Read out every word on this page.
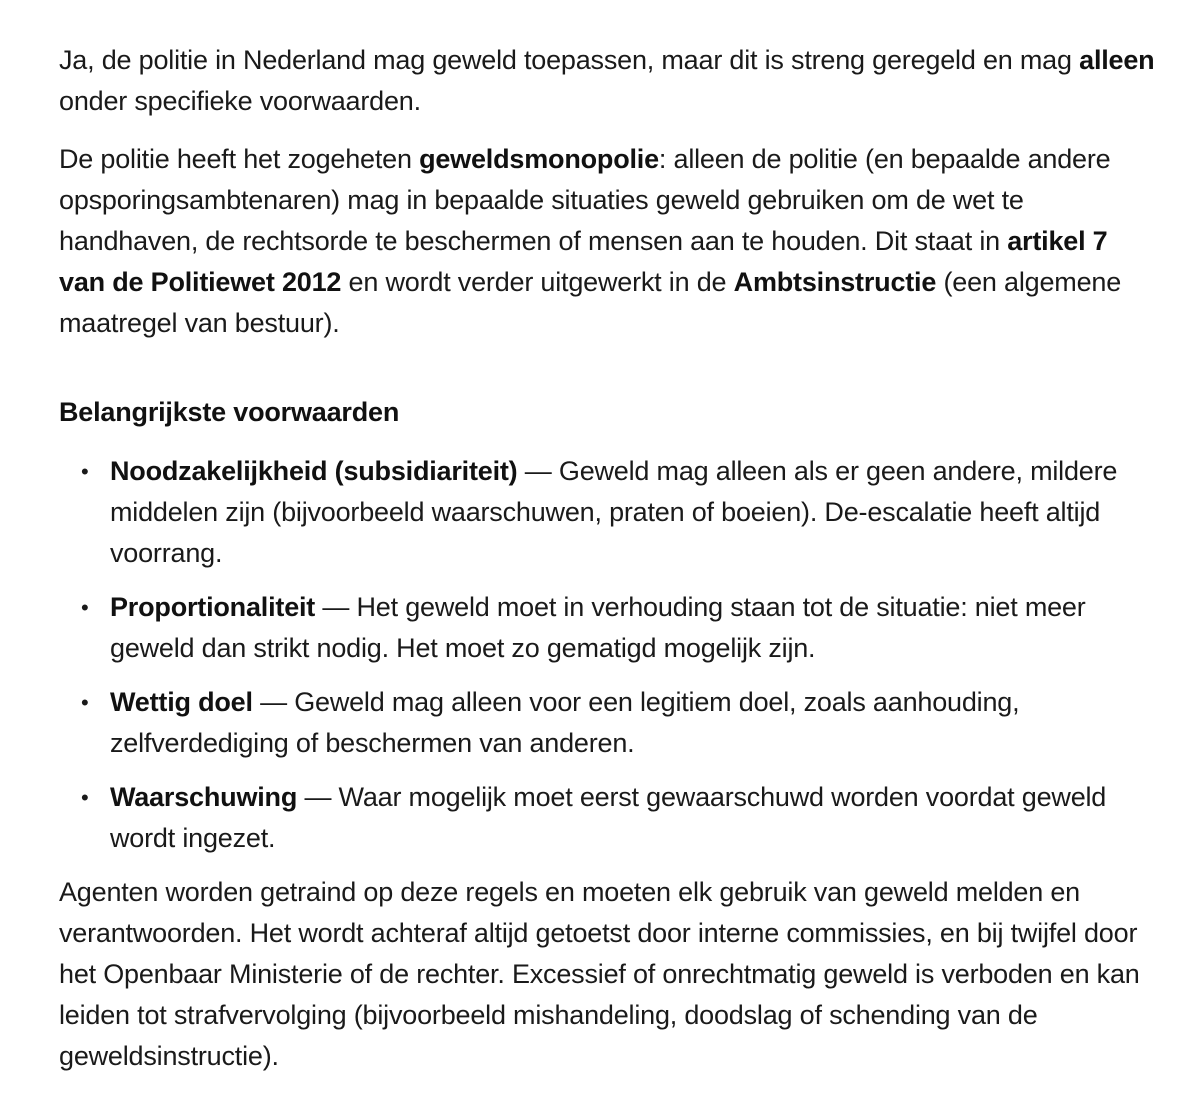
Ja, de politie in Nederland mag geweld toepassen, maar dit is streng geregeld en mag alleen onder specifieke voorwaarden.

De politie heeft het zogeheten geweldsmonopolie: alleen de politie (en bepaalde andere opsporingsambtenaren) mag in bepaalde situaties geweld gebruiken om de wet te handhaven, de rechtsorde te beschermen of mensen aan te houden. Dit staat in artikel 7 van de Politiewet 2012 en wordt verder uitgewerkt in de Ambtsinstructie (een algemene maatregel van bestuur).

Belangrijkste voorwaarden
• Noodzakelijkheid (subsidiariteit) — Geweld mag alleen als er geen andere, mildere middelen zijn (bijvoorbeeld waarschuwen, praten of boeien). De-escalatie heeft altijd voorrang.
• Proportionaliteit — Het geweld moet in verhouding staan tot de situatie: niet meer geweld dan strikt nodig. Het moet zo gematigd mogelijk zijn.
• Wettig doel — Geweld mag alleen voor een legitiem doel, zoals aanhouding, zelfverdediging of beschermen van anderen.
• Waarschuwing — Waar mogelijk moet eerst gewaarschuwd worden voordat geweld wordt ingezet.

Agenten worden getraind op deze regels en moeten elk gebruik van geweld melden en verantwoorden. Het wordt achteraf altijd getoetst door interne commissies, en bij twijfel door het Openbaar Ministerie of de rechter. Excessief of onrechtmatig geweld is verboden en kan leiden tot strafvervolging (bijvoorbeeld mishandeling, doodslag of schending van de geweldsinstructie).
